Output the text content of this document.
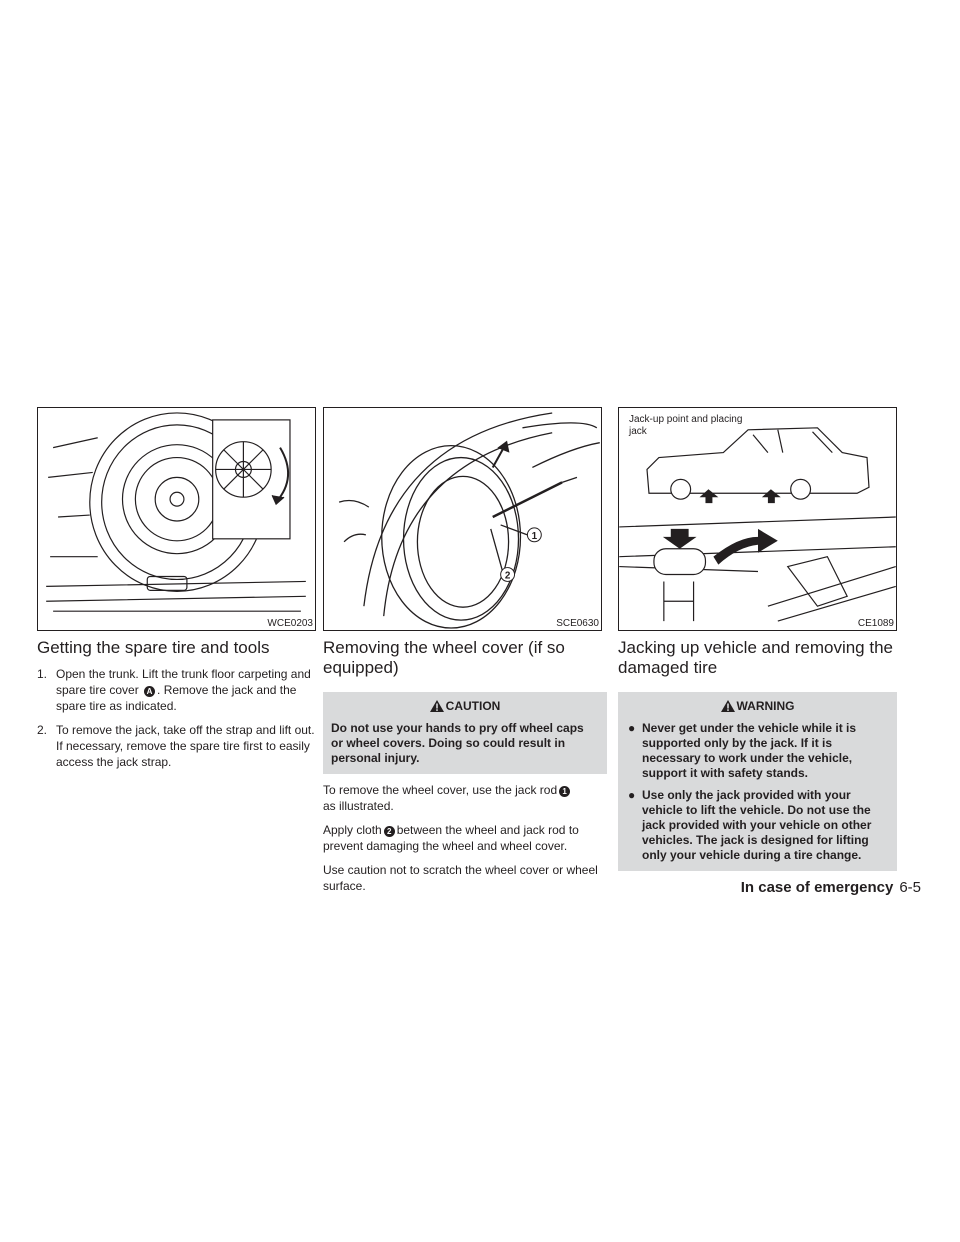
WCE0203
1
2
SCE0630
Jack-up point and placing jack
CE1089
Getting the spare tire and tools
1. Open the trunk. Lift the trunk floor carpeting and spare tire cover A . Remove the jack and the spare tire as indicated.
2. To remove the jack, take off the strap and lift out. If necessary, remove the spare tire first to easily access the jack strap.
Removing the wheel cover (if so equipped)
CAUTION
Do not use your hands to pry off wheel caps or wheel covers. Doing so could result in personal injury.

To remove the wheel cover, use the jack rod 1
as illustrated.

Apply cloth 2 between the wheel and jack rod to prevent damaging the wheel and wheel cover.

Use caution not to scratch the wheel cover or wheel surface.

Jacking up vehicle and removing the damaged tire
WARNING
● Never get under the vehicle while it is supported only by the jack. If it is necessary to work under the vehicle, support it with safety stands.
● Use only the jack provided with your vehicle to lift the vehicle. Do not use the jack provided with your vehicle on other vehicles. The jack is designed for lifting only your vehicle during a tire change.
In case of emergency 6-5
